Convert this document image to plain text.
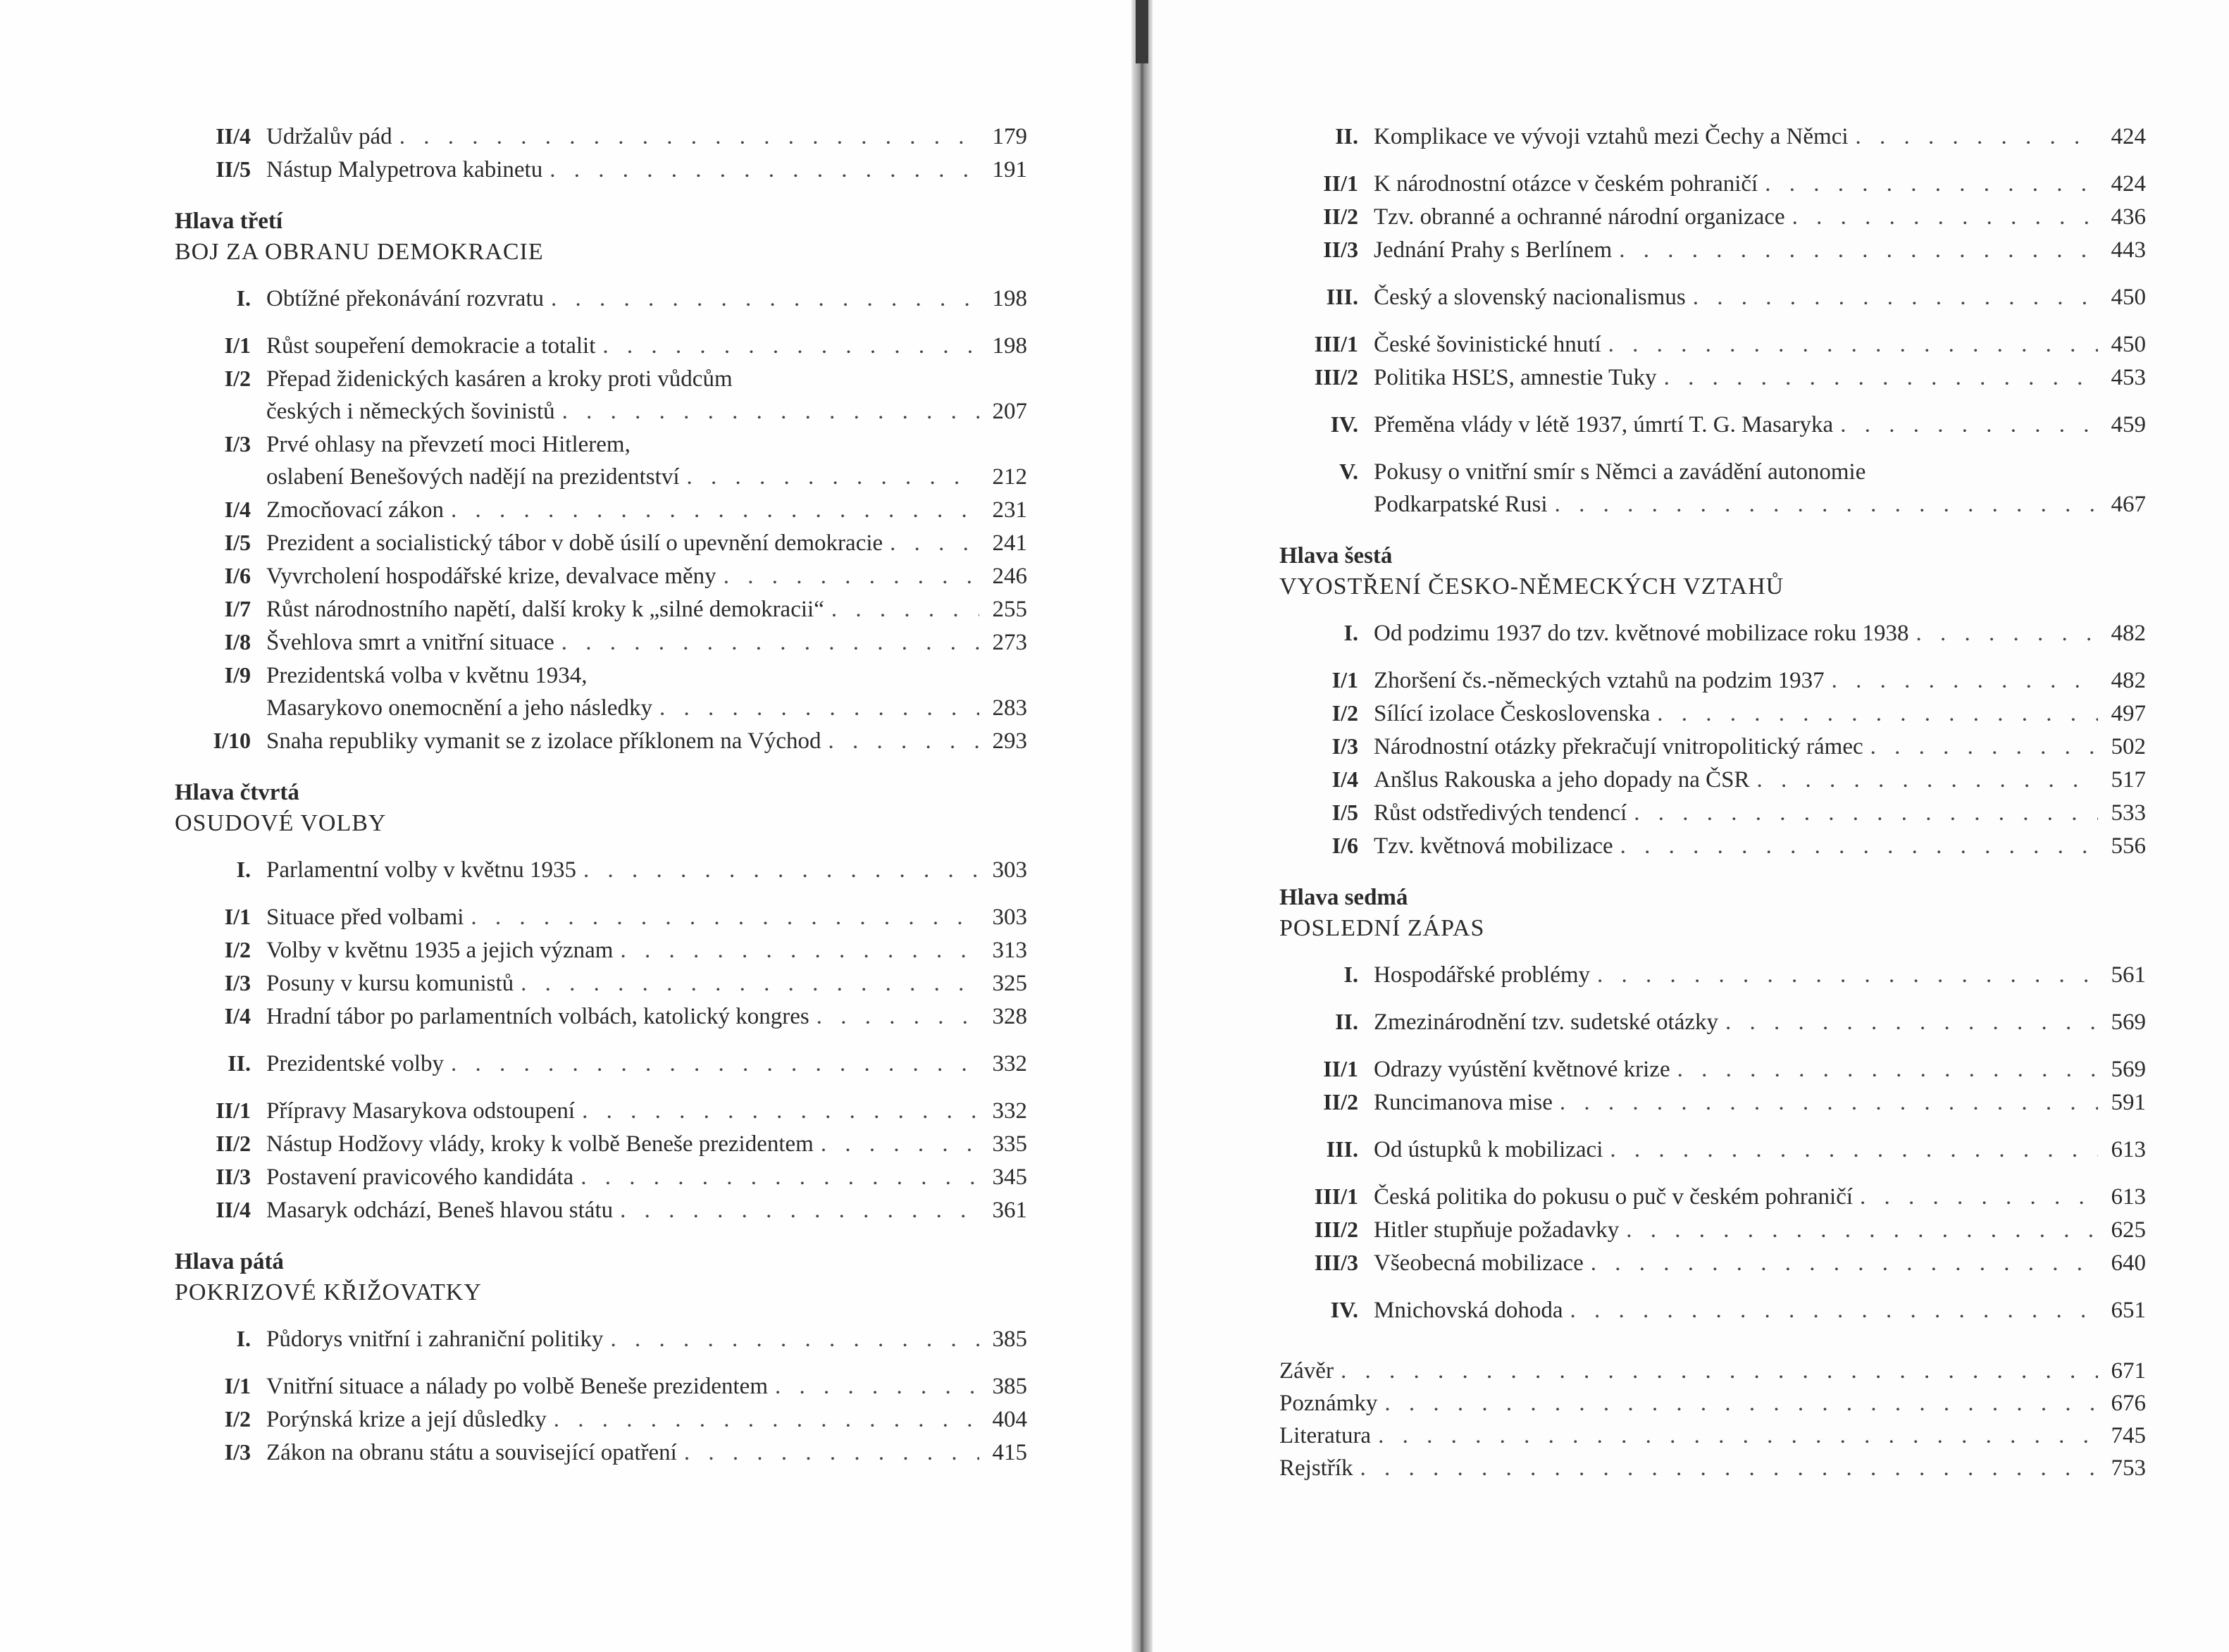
II/4 Udržalův pád . . .	179
II/5 Nástup Malypetrova kabinetu . . .	191
Hlava třetí
BOJ ZA OBRANU DEMOKRACIE
I. Obtížné překonávání rozvratu . . .	198
I/1 Růst soupeření demokracie a totalit . . .	198
I/2 Přepad židenických kasáren a kroky proti vůdcům
českých i německých šovinistů . . .	207
I/3 Prvé ohlasy na převzetí moci Hitlerem,
oslabení Benešových nadějí na prezidentství . . .	212
I/4 Zmocňovací zákon . . .	231
I/5 Prezident a socialistický tábor v době úsilí o upevnění demokracie . . .	241
I/6 Vyvrcholení hospodářské krize, devalvace měny . . .	246
I/7 Růst národnostního napětí, další kroky k „silné demokracii“ . . .	255
I/8 Švehlova smrt a vnitřní situace . . .	273
I/9 Prezidentská volba v květnu 1934,
Masarykovo onemocnění a jeho následky . . .	283
I/10 Snaha republiky vymanit se z izolace příklonem na Východ . . .	293
Hlava čtvrtá
OSUDOVÉ VOLBY
I. Parlamentní volby v květnu 1935 . . .	303
I/1 Situace před volbami . . .	303
I/2 Volby v květnu 1935 a jejich význam . . .	313
I/3 Posuny v kursu komunistů . . .	325
I/4 Hradní tábor po parlamentních volbách, katolický kongres . . .	328
II. Prezidentské volby . . .	332
II/1 Přípravy Masarykova odstoupení . . .	332
II/2 Nástup Hodžovy vlády, kroky k volbě Beneše prezidentem . . .	335
II/3 Postavení pravicového kandidáta . . .	345
II/4 Masaryk odchází, Beneš hlavou státu . . .	361
Hlava pátá
POKRIZOVÉ KŘIŽOVATKY
I. Půdorys vnitřní i zahraniční politiky . . .	385
I/1 Vnitřní situace a nálady po volbě Beneše prezidentem . . .	385
I/2 Porýnská krize a její důsledky . . .	404
I/3 Zákon na obranu státu a související opatření . . .	415
II. Komplikace ve vývoji vztahů mezi Čechy a Němci . . .	424
II/1 K národnostní otázce v českém pohraničí . . .	424
II/2 Tzv. obranné a ochranné národní organizace . . .	436
II/3 Jednání Prahy s Berlínem . . .	443
III. Český a slovenský nacionalismus . . .	450
III/1 České šovinistické hnutí . . .	450
III/2 Politika HSĽS, amnestie Tuky . . .	453
IV. Přeměna vlády v létě 1937, úmrtí T. G. Masaryka . . .	459
V. Pokusy o vnitřní smír s Němci a zavádění autonomie
Podkarpatské Rusi . . .	467
Hlava šestá
VYOSTŘENÍ ČESKO-NĚMECKÝCH VZTAHŮ
I. Od podzimu 1937 do tzv. květnové mobilizace roku 1938 . . .	482
I/1 Zhoršení čs.-německých vztahů na podzim 1937 . . .	482
I/2 Sílící izolace Československa . . .	497
I/3 Národnostní otázky překračují vnitropolitický rámec . . .	502
I/4 Anšlus Rakouska a jeho dopady na ČSR . . .	517
I/5 Růst odstředivých tendencí . . .	533
I/6 Tzv. květnová mobilizace . . .	556
Hlava sedmá
POSLEDNÍ ZÁPAS
I. Hospodářské problémy . . .	561
II. Zmezinárodnění tzv. sudetské otázky . . .	569
II/1 Odrazy vyústění květnové krize . . .	569
II/2 Runcimanova mise . . .	591
III. Od ústupků k mobilizaci . . .	613
III/1 Česká politika do pokusu o puč v českém pohraničí . . .	613
III/2 Hitler stupňuje požadavky . . .	625
III/3 Všeobecná mobilizace . . .	640
IV. Mnichovská dohoda . . .	651
Závěr . . .	671
Poznámky . . .	676
Literatura . . .	745
Rejstřík . . .	753
